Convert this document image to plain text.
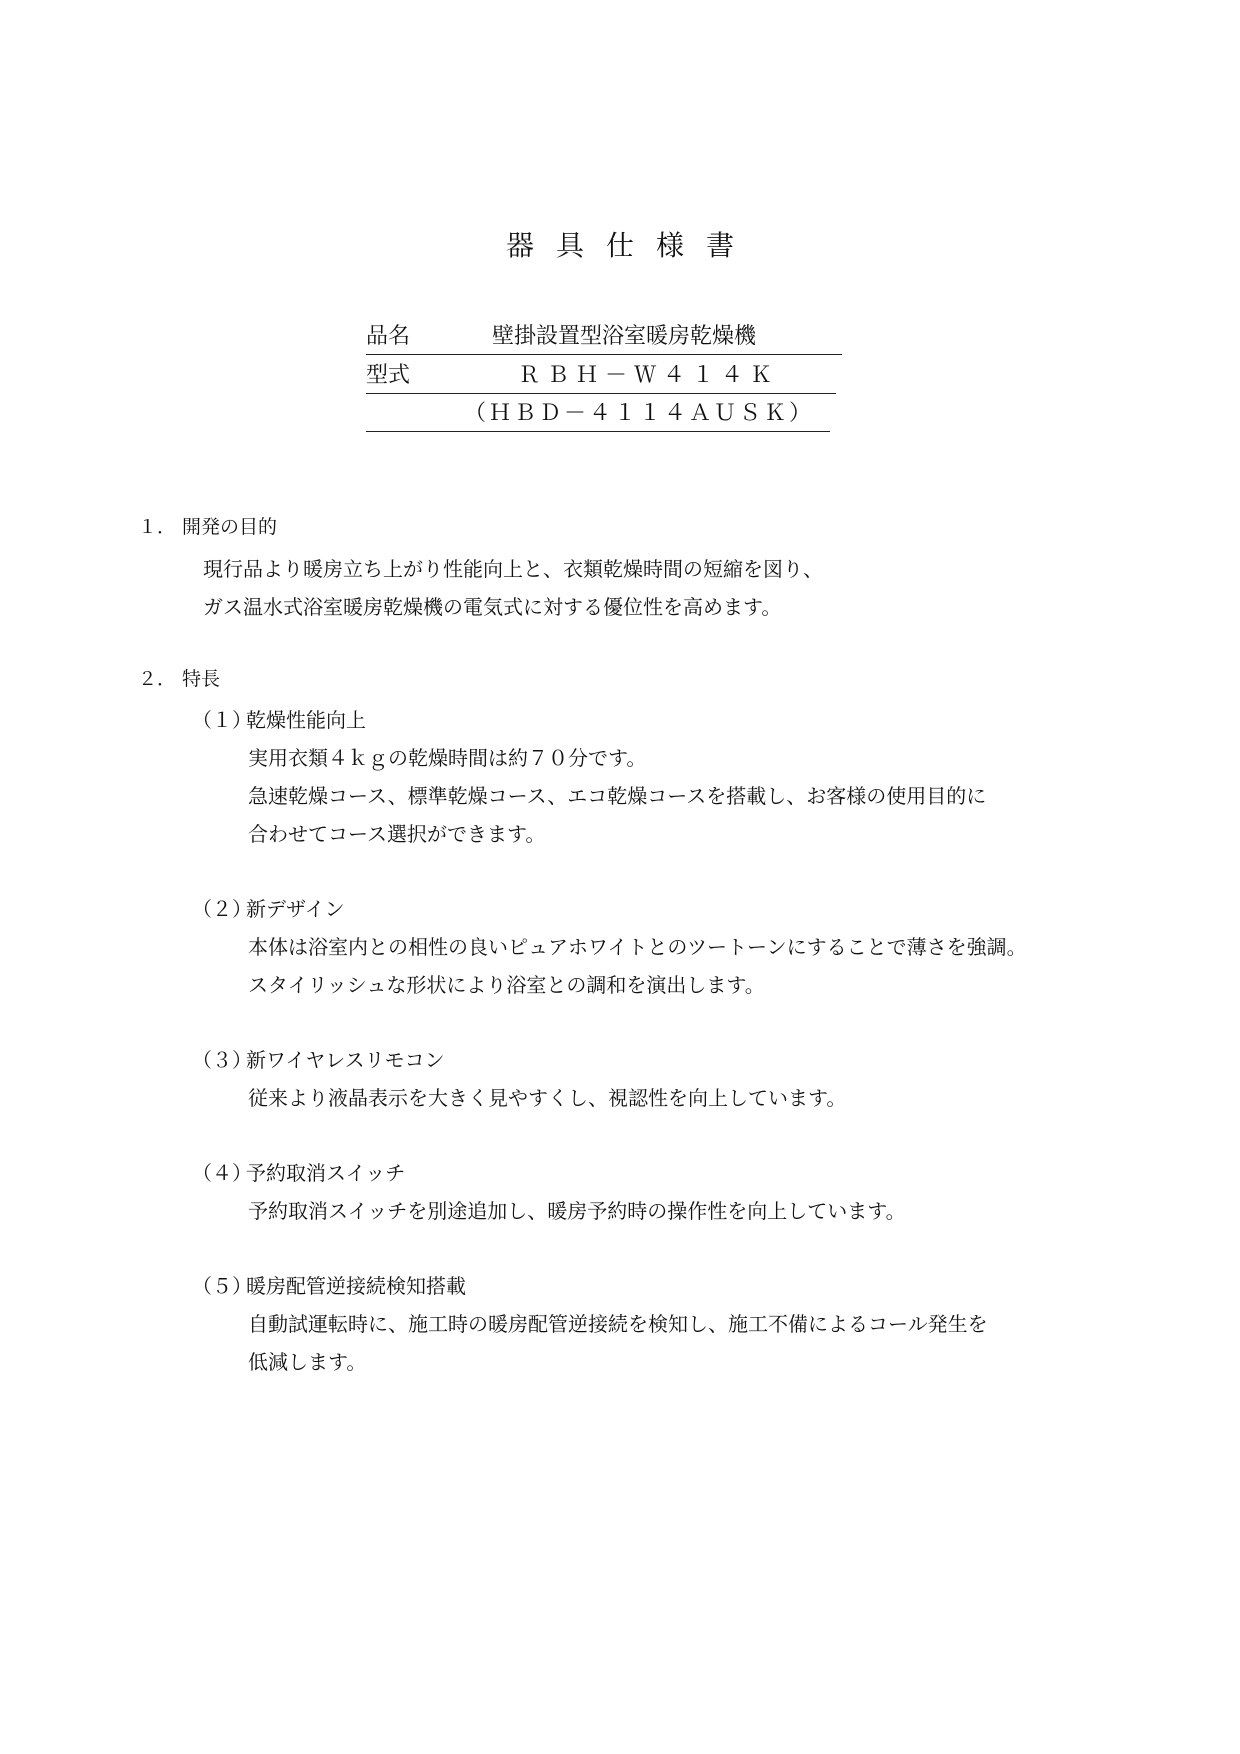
器具仕様書
品名	壁掛設置型浴室暖房乾燥機
型式	ＲＢＨ－Ｗ４１４Ｋ
（ＨＢＤ－４１１４ＡＵＳＫ）
１． 開発の目的
現行品より暖房立ち上がり性能向上と、衣類乾燥時間の短縮を図り、
ガス温水式浴室暖房乾燥機の電気式に対する優位性を高めます。
２． 特長
（１）乾燥性能向上
実用衣類４ｋｇの乾燥時間は約７０分です。
急速乾燥コース、標準乾燥コース、エコ乾燥コースを搭載し、お客様の使用目的に
合わせてコース選択ができます。
（２）新デザイン
本体は浴室内との相性の良いピュアホワイトとのツートーンにすることで薄さを強調。
スタイリッシュな形状により浴室との調和を演出します。
（３）新ワイヤレスリモコン
従来より液晶表示を大きく見やすくし、視認性を向上しています。
（４）予約取消スイッチ
予約取消スイッチを別途追加し、暖房予約時の操作性を向上しています。
（５）暖房配管逆接続検知搭載
自動試運転時に、施工時の暖房配管逆接続を検知し、施工不備によるコール発生を
低減します。
